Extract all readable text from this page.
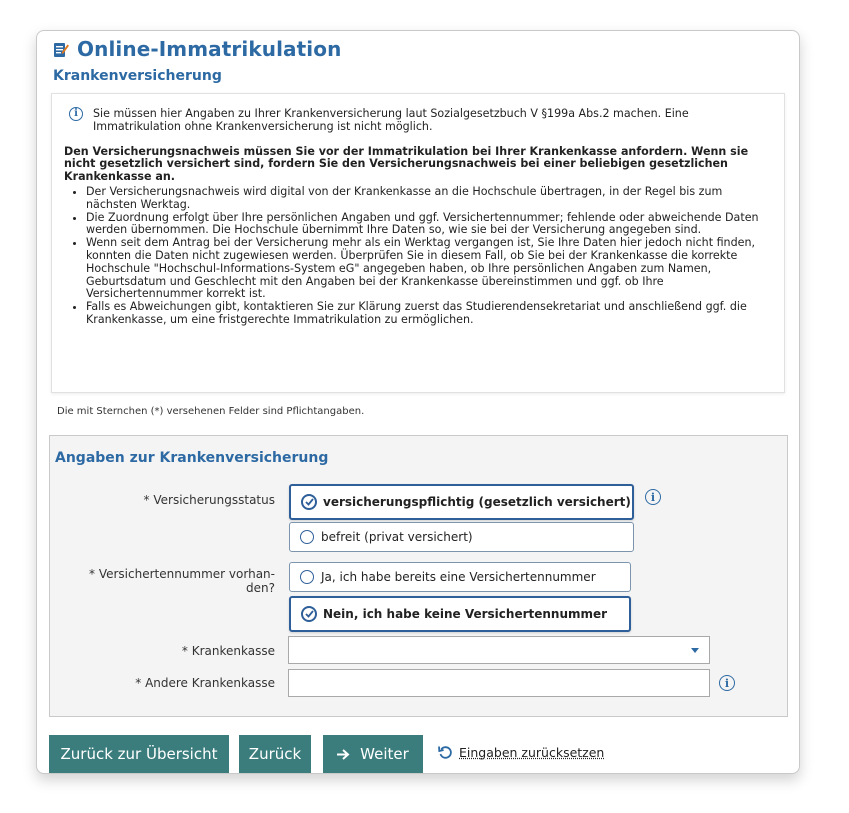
Online-Immatrikulation
Krankenversicherung
i	Sie müssen hier Angaben zu Ihrer Krankenversicherung laut Sozialgesetzbuch V §199a Abs.2 machen. Eine Immatrikulation ohne Krankenversicherung ist nicht möglich.

Den Versicherungsnachweis müssen Sie vor der Immatrikulation bei Ihrer Krankenkasse anfordern. Wenn sie nicht gesetzlich versichert sind, fordern Sie den Versicherungsnachweis bei einer beliebigen gesetzlichen Krankenkasse an.
• Der Versicherungsnachweis wird digital von der Krankenkasse an die Hochschule übertragen, in der Regel bis zum nächsten Werktag.
• Die Zuordnung erfolgt über Ihre persönlichen Angaben und ggf. Versichertennummer; fehlende oder abweichende Daten werden übernommen. Die Hochschule übernimmt Ihre Daten so, wie sie bei der Versicherung angegeben sind.
• Wenn seit dem Antrag bei der Versicherung mehr als ein Werktag vergangen ist, Sie Ihre Daten hier jedoch nicht finden, konnten die Daten nicht zugewiesen werden. Überprüfen Sie in diesem Fall, ob Sie bei der Krankenkasse die korrekte Hochschule "Hochschul-Informations-System eG" angegeben haben, ob Ihre persönlichen Angaben zum Namen, Geburtsdatum und Geschlecht mit den Angaben bei der Krankenkasse übereinstimmen und ggf. ob Ihre Versichertennummer korrekt ist.
• Falls es Abweichungen gibt, kontaktieren Sie zur Klärung zuerst das Studierendensekretariat und anschließend ggf. die Krankenkasse, um eine fristgerechte Immatrikulation zu ermöglichen.
Die mit Sternchen (*) versehenen Felder sind Pflichtangaben.
Angaben zur Krankenversicherung
* Versicherungsstatus	versicherungspflichtig (gesetzlich versichert)	i
befreit (privat versichert)
* Versichertennummer vorhan-
den?
Ja, ich habe bereits eine Versichertennummer
Nein, ich habe keine Versichertennummer
* Krankenkasse
* Andere Krankenkasse	i
Zurück zur Übersicht	Zurück	Weiter	Eingaben zurücksetzen
